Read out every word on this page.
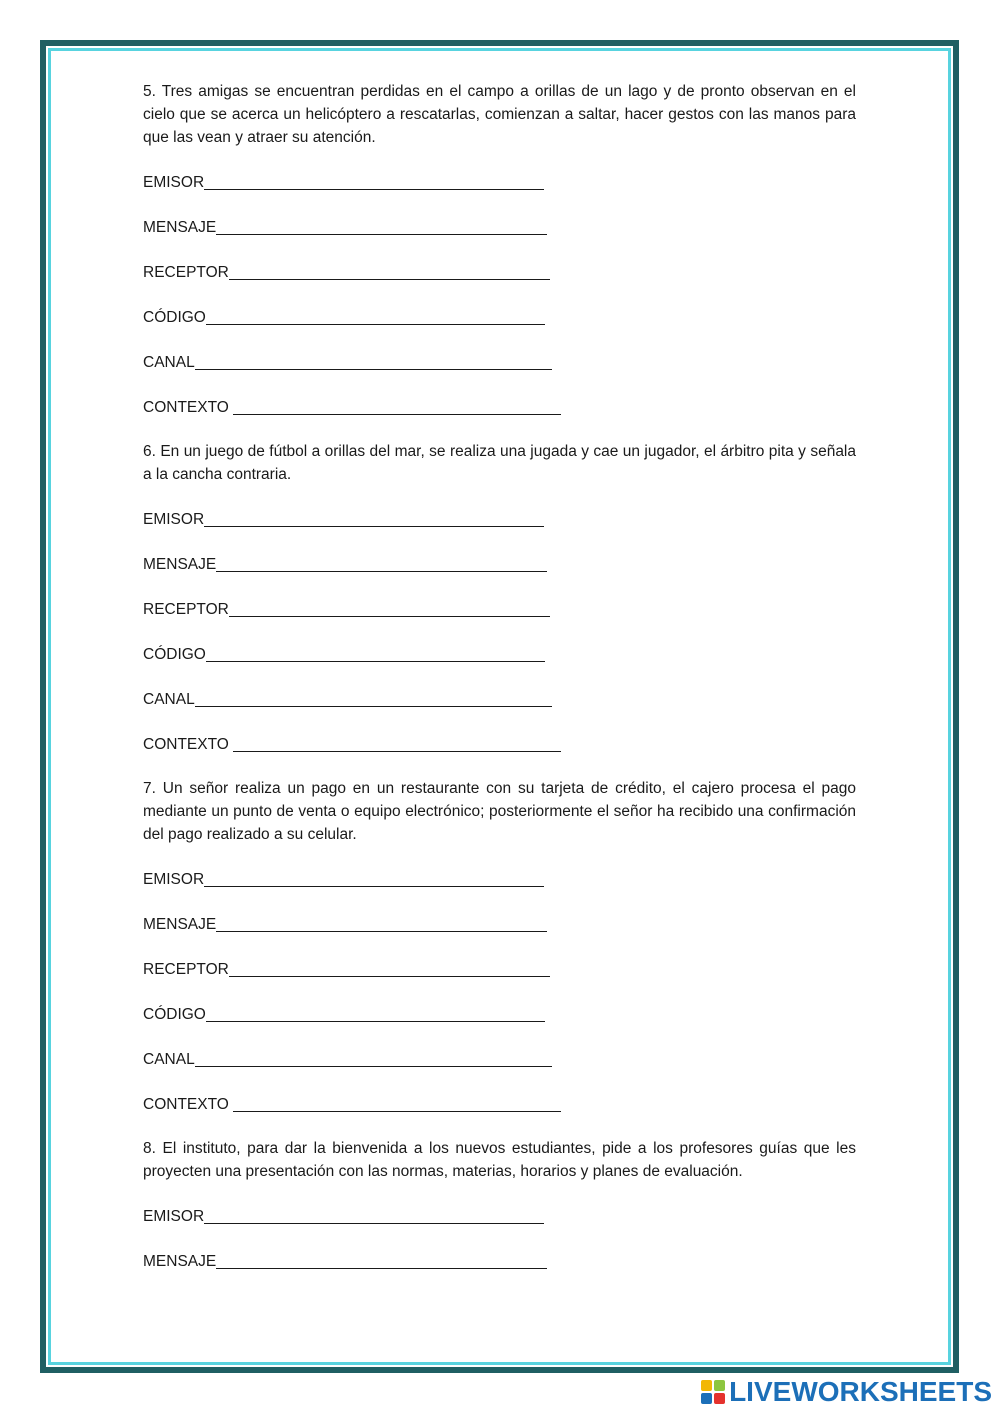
5. Tres amigas se encuentran perdidas en el campo a orillas de un lago y de pronto observan en el cielo que se acerca un helicóptero a rescatarlas, comienzan a saltar, hacer gestos con las manos para que las vean y atraer su atención.

EMISOR
MENSAJE
RECEPTOR
CÓDIGO
CANAL
CONTEXTO

6. En un juego de fútbol a orillas del mar, se realiza una jugada y cae un jugador, el árbitro pita y señala a la cancha contraria.

EMISOR
MENSAJE
RECEPTOR
CÓDIGO
CANAL
CONTEXTO

7. Un señor realiza un pago en un restaurante con su tarjeta de crédito, el cajero procesa el pago mediante un punto de venta o equipo electrónico; posteriormente el señor ha recibido una confirmación del pago realizado a su celular.

EMISOR
MENSAJE
RECEPTOR
CÓDIGO
CANAL
CONTEXTO

8. El instituto, para dar la bienvenida a los nuevos estudiantes, pide a los profesores guías que les proyecten una presentación con las normas, materias, horarios y planes de evaluación.

EMISOR
MENSAJE
LIVEWORKSHEETS
